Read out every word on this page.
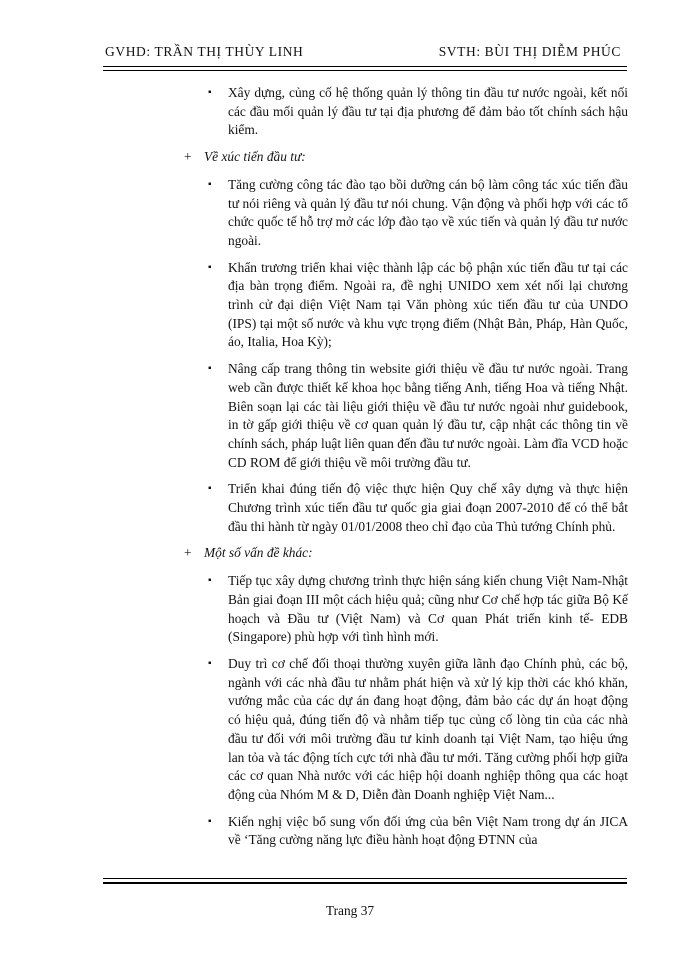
GVHD: TRẦN THỊ THÙY LINH	SVTH: BÙI THỊ DIỄM PHÚC
▪ Xây dựng, củng cố hệ thống quản lý thông tin đầu tư nước ngoài, kết nối các đầu mối quản lý đầu tư tại địa phương để đảm bảo tốt chính sách hậu kiểm.
+ Về xúc tiến đầu tư:
▪ Tăng cường công tác đào tạo bồi dưỡng cán bộ làm công tác xúc tiến đầu tư nói riêng và quản lý đầu tư nói chung. Vận động và phối hợp với các tổ chức quốc tế hỗ trợ mở các lớp đào tạo về xúc tiến và quản lý đầu tư nước ngoài.
▪ Khẩn trương triển khai việc thành lập các bộ phận xúc tiến đầu tư tại các địa bàn trọng điểm. Ngoài ra, đề nghị UNIDO xem xét nối lại chương trình cử đại diện Việt Nam tại Văn phòng xúc tiến đầu tư của UNDO (IPS) tại một số nước và khu vực trọng điểm (Nhật Bản, Pháp, Hàn Quốc, áo, Italia, Hoa Kỳ);
▪ Nâng cấp trang thông tin website giới thiệu về đầu tư nước ngoài. Trang web cần được thiết kế khoa học bằng tiếng Anh, tiếng Hoa và tiếng Nhật. Biên soạn lại các tài liệu giới thiệu về đầu tư nước ngoài như guidebook, in tờ gấp giới thiệu về cơ quan quản lý đầu tư, cập nhật các thông tin về chính sách, pháp luật liên quan đến đầu tư nước ngoài. Làm đĩa VCD hoặc CD ROM để giới thiệu về môi trường đầu tư.
▪ Triển khai đúng tiến độ việc thực hiện Quy chế xây dựng và thực hiện Chương trình xúc tiến đầu tư quốc gia giai đoạn 2007-2010 để có thể bắt đầu thi hành từ ngày 01/01/2008 theo chỉ đạo của Thủ tướng Chính phủ.
+ Một số vấn đề khác:
▪ Tiếp tục xây dựng chương trình thực hiện sáng kiến chung Việt Nam-Nhật Bản giai đoạn III một cách hiệu quả; cũng như Cơ chế hợp tác giữa Bộ Kế hoạch và Đầu tư (Việt Nam) và Cơ quan Phát triển kinh tế- EDB (Singapore) phù hợp với tình hình mới.
▪ Duy trì cơ chế đối thoại thường xuyên giữa lãnh đạo Chính phủ, các bộ, ngành với các nhà đầu tư nhằm phát hiện và xử lý kịp thời các khó khăn, vướng mắc của các dự án đang hoạt động, đảm bảo các dự án hoạt động có hiệu quả, đúng tiến độ và nhằm tiếp tục củng cố lòng tin của các nhà đầu tư đối với môi trường đầu tư kinh doanh tại Việt Nam, tạo hiệu ứng lan tỏa và tác động tích cực tới nhà đầu tư mới. Tăng cường phối hợp giữa các cơ quan Nhà nước với các hiệp hội doanh nghiệp thông qua các hoạt động của Nhóm M & D, Diễn đàn Doanh nghiệp Việt Nam...
▪ Kiến nghị việc bổ sung vốn đối ứng của bên Việt Nam trong dự án JICA về ‘Tăng cường năng lực điều hành hoạt động ĐTNN của
Trang 37
